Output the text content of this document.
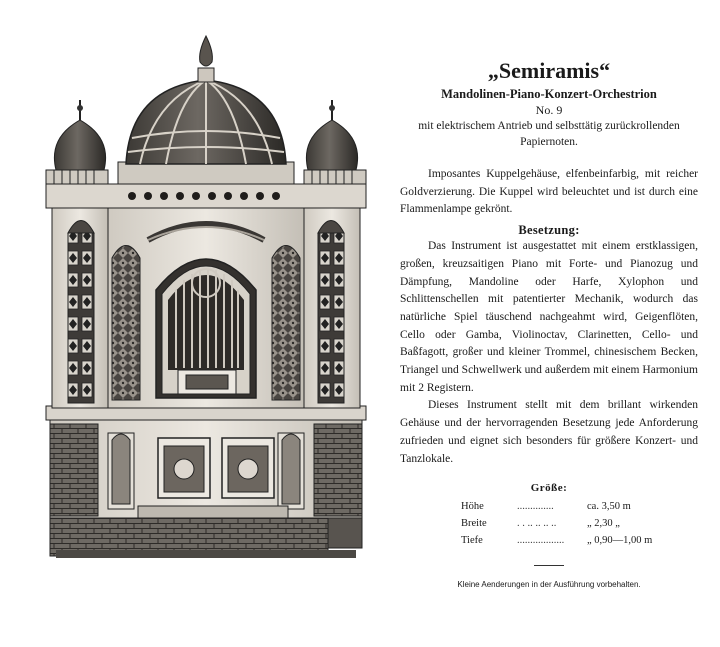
„Semiramis“
Mandolinen-Piano-Konzert-Orchestrion
No. 9
mit elektrischem Antrieb und selbsttätig zurückrollenden Papiernoten.

Imposantes Kuppelgehäuse, elfenbeinfarbig, mit reicher Goldverzierung. Die Kuppel wird beleuchtet und ist durch eine Flammenlampe gekrönt.

Besetzung:

Das Instrument ist ausgestattet mit einem erstklassigen, großen, kreuzsaitigen Piano mit Forte- und Pianozug und Dämpfung, Mandoline oder Harfe, Xylophon und Schlittenschellen mit patentierter Mechanik, wodurch das natürliche Spiel täuschend nachgeahmt wird, Geigenflöten, Cello oder Gamba, Violinoctav, Clarinetten, Cello- und Baßfagott, großer und kleiner Trommel, chinesischem Becken, Triangel und Schwellwerk und außerdem mit einem Harmonium mit 2 Registern.

Dieses Instrument stellt mit dem brillant wirkenden Gehäuse und der hervorragenden Besetzung jede Anforderung zufrieden und eignet sich besonders für größere Konzert- und Tanzlokale.

Größe:
Höhe	..............	ca. 3,50 m
Breite	. . .. .. .. ..	„ 2,30 „
Tiefe	..................	„ 0,90—1,00 m
Kleine Aenderungen in der Ausführung vorbehalten.
